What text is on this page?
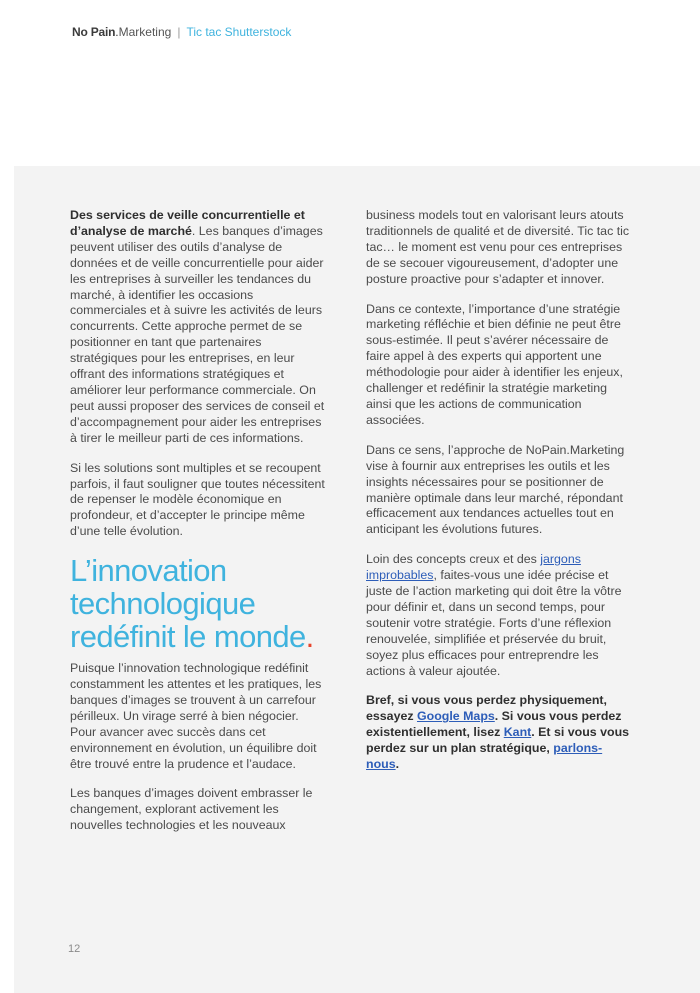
No Pain . Marketing | Tic tac Shutterstock

Des services de veille concurrentielle et d’analyse de marché. Les banques d’images peuvent utiliser des outils d’analyse de données et de veille concurrentielle pour aider les entreprises à surveiller les tendances du marché, à identifier les occasions commerciales et à suivre les activités de leurs concurrents. Cette approche permet de se positionner en tant que partenaires stratégiques pour les entreprises, en leur offrant des informations stratégiques et améliorer leur performance commerciale. On peut aussi proposer des services de conseil et d’accompagnement pour aider les entreprises à tirer le meilleur parti de ces informations.

Si les solutions sont multiples et se recoupent parfois, il faut souligner que toutes nécessitent de repenser le modèle économique en profondeur, et d’accepter le principe même d’une telle évolution.

L’innovation technologique redéfinit le monde.

Puisque l’innovation technologique redéfinit constamment les attentes et les pratiques, les banques d’images se trouvent à un carrefour périlleux. Un virage serré à bien négocier. Pour avancer avec succès dans cet environnement en évolution, un équilibre doit être trouvé entre la prudence et l’audace.

Les banques d’images doivent embrasser le changement, explorant activement les nouvelles technologies et les nouveaux

business models tout en valorisant leurs atouts traditionnels de qualité et de diversité. Tic tac tic tac… le moment est venu pour ces entreprises de se secouer vigoureusement, d’adopter une posture proactive pour s’adapter et innover.

Dans ce contexte, l’importance d’une stratégie marketing réfléchie et bien définie ne peut être sous-estimée. Il peut s’avérer nécessaire de faire appel à des experts qui apportent une méthodologie pour aider à identifier les enjeux, challenger et redéfinir la stratégie marketing ainsi que les actions de communication associées.

Dans ce sens, l’approche de NoPain.Marketing vise à fournir aux entreprises les outils et les insights nécessaires pour se positionner de manière optimale dans leur marché, répondant efficacement aux tendances actuelles tout en anticipant les évolutions futures.

Loin des concepts creux et des jargons improbables, faites-vous une idée précise et juste de l’action marketing qui doit être la vôtre pour définir et, dans un second temps, pour soutenir votre stratégie. Forts d’une réflexion renouvelée, simplifiée et préservée du bruit, soyez plus efficaces pour entreprendre les actions à valeur ajoutée.

Bref, si vous vous perdez physiquement, essayez Google Maps. Si vous vous perdez existentiellement, lisez Kant. Et si vous vous perdez sur un plan stratégique, parlons-nous.

12
